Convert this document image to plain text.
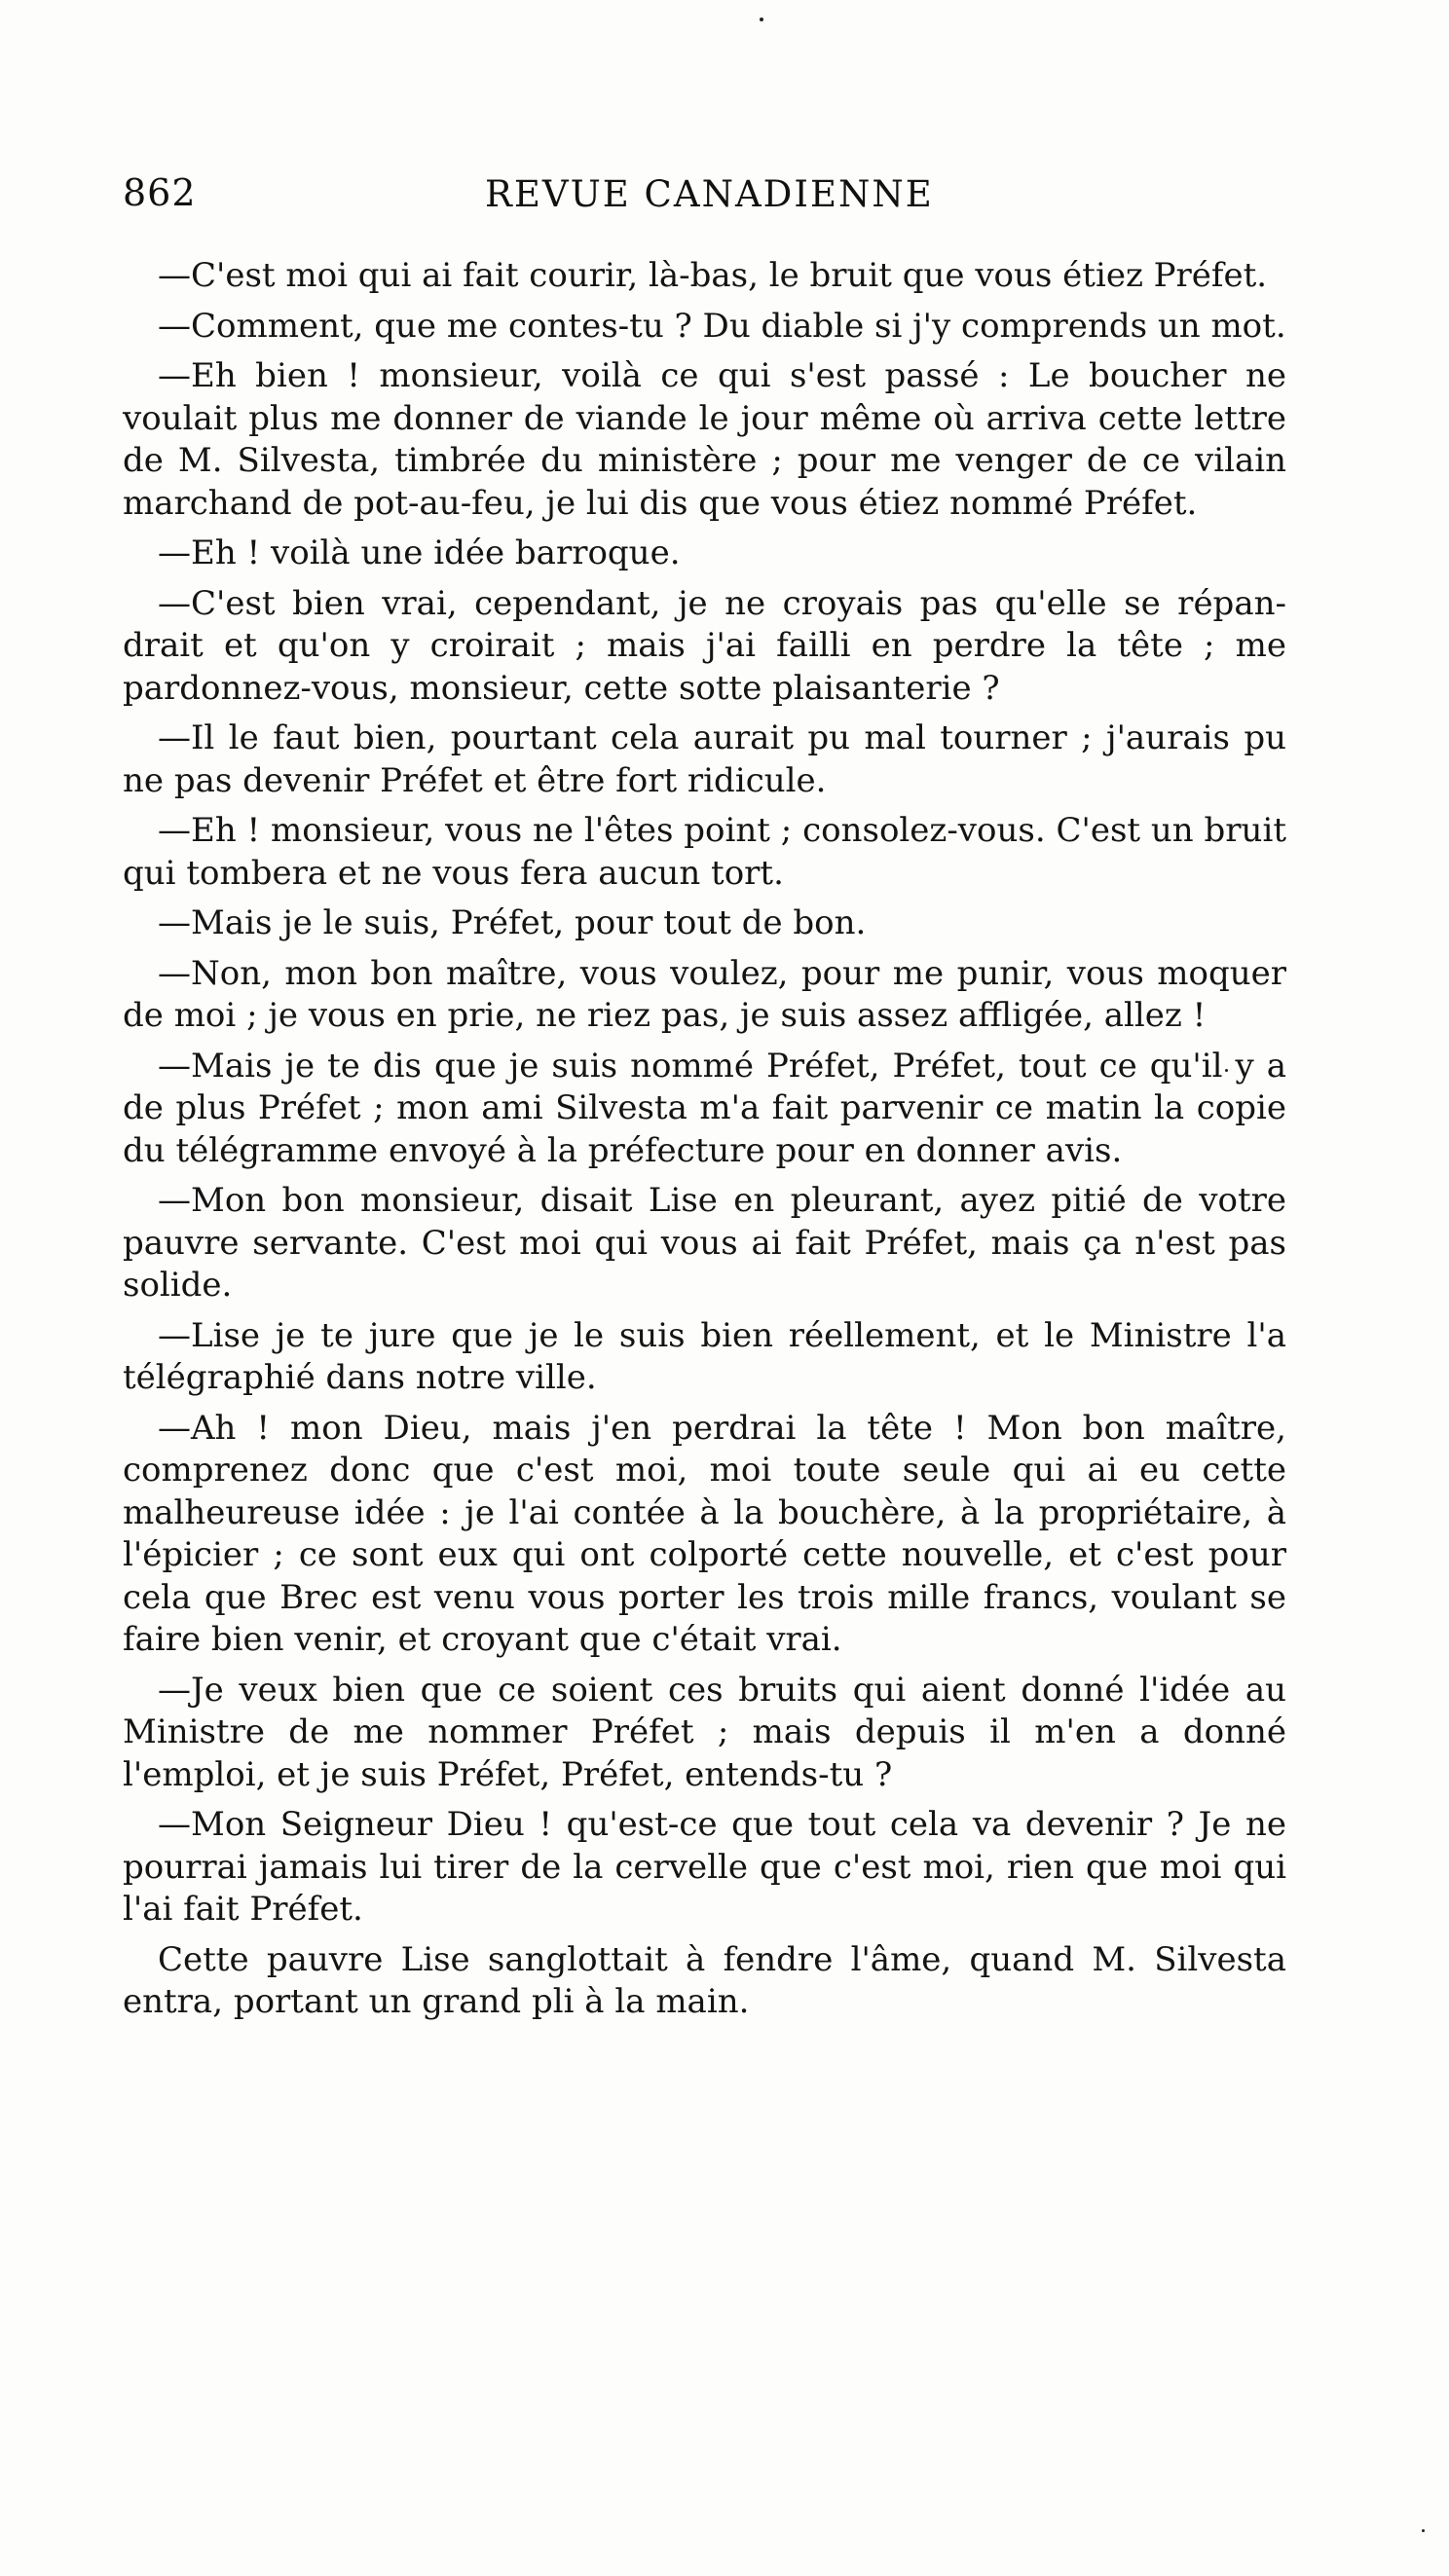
862	REVUE CANADIENNE

—C'est moi qui ai fait courir, là-bas, le bruit que vous étiez Préfet.

—Comment, que me contes-tu ? Du diable si j'y comprends un mot.

—Eh bien ! monsieur, voilà ce qui s'est passé : Le boucher ne voulait plus me donner de viande le jour même où arriva cette lettre de M. Silvesta, timbrée du ministère ; pour me venger de ce vilain marchand de pot-au-feu, je lui dis que vous étiez nommé Préfet.

—Eh ! voilà une idée barroque.

—C'est bien vrai, cependant, je ne croyais pas qu'elle se répandrait et qu'on y croirait ; mais j'ai failli en perdre la tête ; me pardonnez-vous, monsieur, cette sotte plaisanterie ?

—Il le faut bien, pourtant cela aurait pu mal tourner ; j'aurais pu ne pas devenir Préfet et être fort ridicule.

—Eh ! monsieur, vous ne l'êtes point ; consolez-vous. C'est un bruit qui tombera et ne vous fera aucun tort.

—Mais je le suis, Préfet, pour tout de bon.

—Non, mon bon maître, vous voulez, pour me punir, vous moquer de moi ; je vous en prie, ne riez pas, je suis assez affligée, allez !

—Mais je te dis que je suis nommé Préfet, Préfet, tout ce qu'il y a de plus Préfet ; mon ami Silvesta m'a fait parvenir ce matin la copie du télégramme envoyé à la préfecture pour en donner avis.

—Mon bon monsieur, disait Lise en pleurant, ayez pitié de votre pauvre servante. C'est moi qui vous ai fait Préfet, mais ça n'est pas solide.

—Lise je te jure que je le suis bien réellement, et le Ministre l'a télégraphié dans notre ville.

—Ah ! mon Dieu, mais j'en perdrai la tête ! Mon bon maître, comprenez donc que c'est moi, moi toute seule qui ai eu cette malheureuse idée : je l'ai contée à la bouchère, à la propriétaire, à l'épicier ; ce sont eux qui ont colporté cette nouvelle, et c'est pour cela que Brec est venu vous porter les trois mille francs, voulant se faire bien venir, et croyant que c'était vrai.

—Je veux bien que ce soient ces bruits qui aient donné l'idée au Ministre de me nommer Préfet ; mais depuis il m'en a donné l'emploi, et je suis Préfet, Préfet, entends-tu ?

—Mon Seigneur Dieu ! qu'est-ce que tout cela va devenir ? Je ne pourrai jamais lui tirer de la cervelle que c'est moi, rien que moi qui l'ai fait Préfet.

Cette pauvre Lise sanglottait à fendre l'âme, quand M. Silvesta entra, portant un grand pli à la main.
